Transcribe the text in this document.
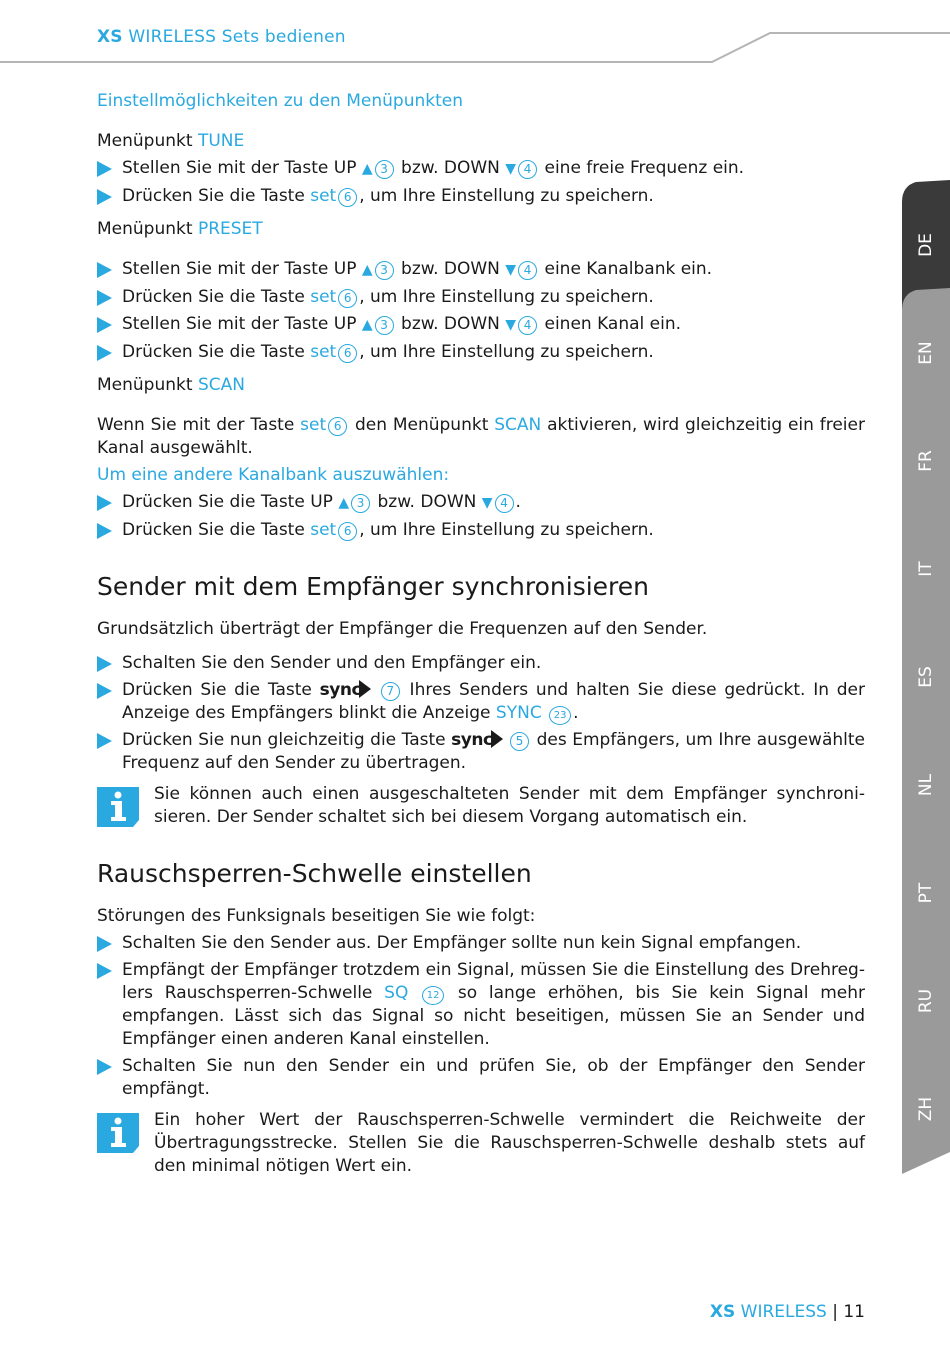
XS WIRELESS Sets bedienen

Einstellmöglichkeiten zu den Menüpunkten

Menüpunkt TUNE

Stellen Sie mit der Taste UP ▲ 3 bzw. DOWN ▼ 4 eine freie Frequenz ein.
Drücken Sie die Taste set 6 , um Ihre Einstellung zu speichern.

Menüpunkt PRESET

Stellen Sie mit der Taste UP ▲ 3 bzw. DOWN ▼ 4 eine Kanalbank ein.
Drücken Sie die Taste set 6 , um Ihre Einstellung zu speichern.
Stellen Sie mit der Taste UP ▲ 3 bzw. DOWN ▼ 4 einen Kanal ein.
Drücken Sie die Taste set 6 , um Ihre Einstellung zu speichern.

Menüpunkt SCAN

Wenn Sie mit der Taste set 6 den Menüpunkt SCAN aktivieren, wird gleichzeitig ein freier Kanal ausgewählt.

Um eine andere Kanalbank auszuwählen:

Drücken Sie die Taste UP ▲ 3 bzw. DOWN ▼ 4 .
Drücken Sie die Taste set 6 , um Ihre Einstellung zu speichern.
Sender mit dem Empfänger synchronisieren

Grundsätzlich überträgt der Empfänger die Frequenzen auf den Sender.

Schalten Sie den Sender und den Empfänger ein.
Drücken Sie die Taste sync 7 Ihres Senders und halten Sie diese gedrückt. In der Anzeige des Empfängers blinkt die Anzeige SYNC 23 .
Drücken Sie nun gleichzeitig die Taste sync 5 des Empfängers, um Ihre ausgewählte Frequenz auf den Sender zu übertragen.
Sie können auch einen ausgeschalteten Sender mit dem Empfänger synchronisieren. Der Sender schaltet sich bei diesem Vorgang automatisch ein.
Rauschsperren-Schwelle einstellen

Störungen des Funksignals beseitigen Sie wie folgt:

Schalten Sie den Sender aus. Der Empfänger sollte nun kein Signal empfangen.
Empfängt der Empfänger trotzdem ein Signal, müssen Sie die Einstellung des Drehreglers Rauschsperren-Schwelle SQ 12 so lange erhöhen, bis Sie kein Signal mehr empfangen. Lässt sich das Signal so nicht beseitigen, müssen Sie an Sender und Empfänger einen anderen Kanal einstellen.
Schalten Sie nun den Sender ein und prüfen Sie, ob der Empfänger den Sender empfängt.
Ein hoher Wert der Rauschsperren-Schwelle vermindert die Reichweite der Übertragungsstrecke. Stellen Sie die Rauschsperren-Schwelle deshalb stets auf den minimal nötigen Wert ein.
DE
EN
FR
IT
ES
NL
PT
RU
ZH
XS WIRELESS | 11
